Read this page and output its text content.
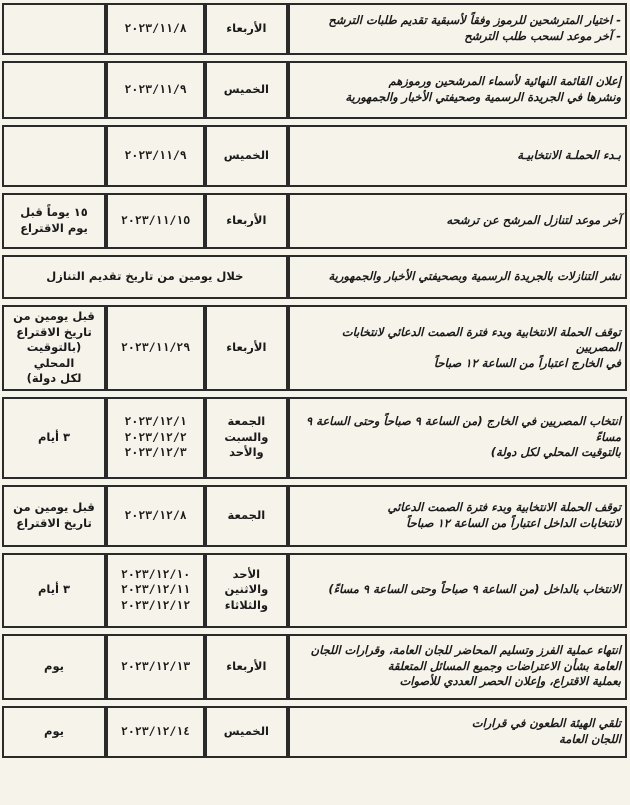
- اختيار المترشحين للرموز وفقاً لأسبقية تقديم طلبات الترشح
- آخر موعد لسحب طلب الترشح	الأربعاء	٢٠٢٣/١١/٨	

إعلان القائمة النهائية لأسماء المرشحين ورموزهم
ونشرها في الجريدة الرسمية وصحيفتي الأخبار والجمهورية	الخميس	٢٠٢٣/١١/٩	

بـدء الحملـة الانتخابيـة	الخميس	٢٠٢٣/١١/٩	

آخر موعد لتنازل المرشح عن ترشحه	الأربعاء	٢٠٢٣/١١/١٥	١٥ يوماً قبل
يوم الاقتراع

نشر التنازلات بالجريدة الرسمية وبصحيفتي الأخبار والجمهورية	خلال يومين من تاريخ تقديم التنازل		

توقف الحملة الانتخابية وبدء فترة الصمت الدعائي لانتخابات المصريين
في الخارج اعتباراً من الساعة ١٢ صباحاً	الأربعاء	٢٠٢٣/١١/٢٩	قبل يومين من
تاريخ الاقتراع
(بالتوقيت المحلي
لكل دولة)

انتخاب المصريين في الخارج (من الساعة ٩ صباحاً وحتى الساعة ٩ مساءً
بالتوقيت المحلي لكل دولة)	الجمعة
والسبت
والأحد	٢٠٢٣/١٢/١
٢٠٢٣/١٢/٢
٢٠٢٣/١٢/٣	٣ أيام

توقف الحملة الانتخابية وبدء فترة الصمت الدعائي
لانتخابات الداخل اعتباراً من الساعة ١٢ صباحاً	الجمعة	٢٠٢٣/١٢/٨	قبل يومين من
تاريخ الاقتراع

الانتخاب بالداخل (من الساعة ٩ صباحاً وحتى الساعة ٩ مساءً)	الأحد
والاثنين
والثلاثاء	٢٠٢٣/١٢/١٠
٢٠٢٣/١٢/١١
٢٠٢٣/١٢/١٢	٣ أيام

انتهاء عملية الفرز وتسليم المحاضر للجان العامة، وقرارات اللجان
العامة بشأن الاعتراضات وجميع المسائل المتعلقة
بعملية الاقتراع، وإعلان الحصر العددي للأصوات	الأربعاء	٢٠٢٣/١٢/١٣	يوم

تلقي الهيئة الطعون في قرارات
اللجان العامة	الخميس	٢٠٢٣/١٢/١٤	يوم
